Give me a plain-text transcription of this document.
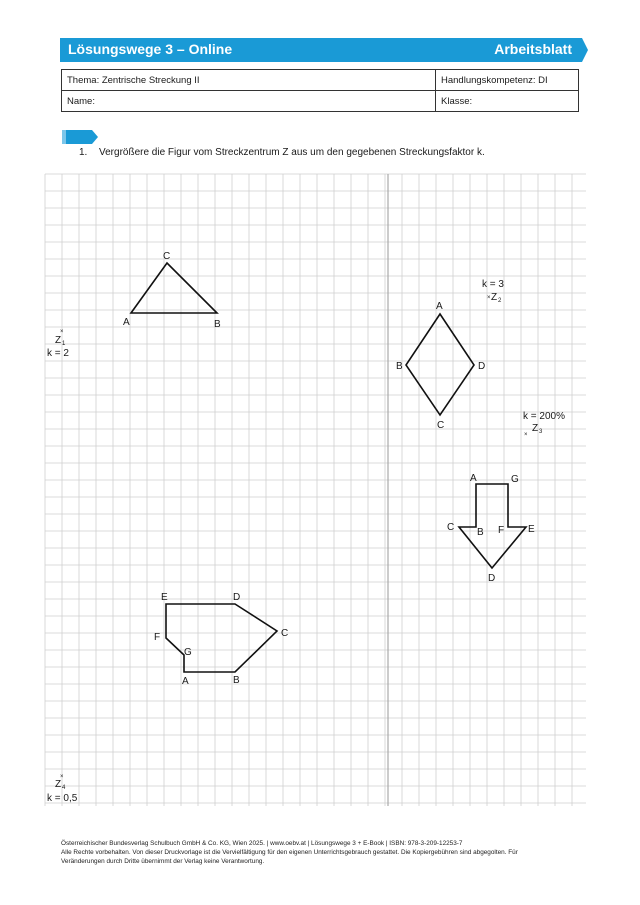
Lösungswege 3 – Online	Arbeitsblatt
Thema: Zentrische Streckung II	Handlungskompetenz: DI
Name:	Klasse:
1. Vergrößere die Figur vom Streckzentrum Z aus um den gegebenen Streckungsfaktor k.
A	B
C
A
B
C
D
A	G
C B F E
D
A	B
C
D
E
F
G
×
Z 1
k = 2
k = 3
× Z 2
k = 200%
×
Z 3
×
Z 4
k = 0,5
Österreichischer Bundesverlag Schulbuch GmbH & Co. KG, Wien 2025. | www.oebv.at | Lösungswege 3 + E-Book | ISBN: 978-3-209-12253-7
Alle Rechte vorbehalten. Von dieser Druckvorlage ist die Vervielfältigung für den eigenen Unterrichtsgebrauch gestattet. Die Kopiergebühren sind abgegolten. Für
Veränderungen durch Dritte übernimmt der Verlag keine Verantwortung.
